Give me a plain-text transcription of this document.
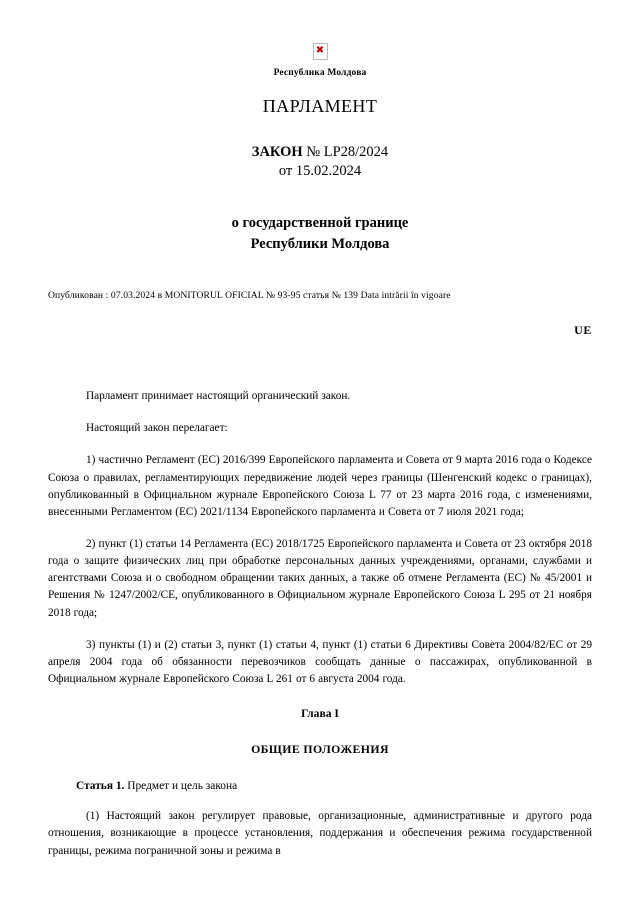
✖
Республика Молдова
ПАРЛАМЕНТ
ЗАКОН № LP28/2024
от 15.02.2024
о государственной границе
Республики Молдова
Опубликован : 07.03.2024 в MONITORUL OFICIAL № 93-95 статья № 139 Data intrării în vigoare
UE

Парламент принимает настоящий органический закон.

Настоящий закон перелагает:

1) частично Регламент (ЕС) 2016/399 Европейского парламента и Совета от 9 марта 2016 года о Кодексе Союза о правилах, регламентирующих передвижение людей через границы (Шенгенский кодекс о границах), опубликованный в Официальном журнале Европейского Союза L 77 от 23 марта 2016 года, с изменениями, внесенными Регламентом (ЕС) 2021/1134 Европейского парламента и Совета от 7 июля 2021 года;

2) пункт (1) статьи 14 Регламента (ЕС) 2018/1725 Европейского парламента и Совета от 23 октября 2018 года о защите физических лиц при обработке персональных данных учреждениями, органами, службами и агентствами Союза и о свободном обращении таких данных, а также об отмене Регламента (ЕС) № 45/2001 и Решения № 1247/2002/СЕ, опубликованного в Официальном журнале Европейского Союза L 295 от 21 ноября 2018 года;

3) пункты (1) и (2) статьи 3, пункт (1) статьи 4, пункт (1) статьи 6 Директивы Совета 2004/82/ЕС от 29 апреля 2004 года об обязанности перевозчиков сообщать данные о пассажирах, опубликованной в Официальном журнале Европейского Союза L 261 от 6 августа 2004 года.

Глава I
ОБЩИЕ ПОЛОЖЕНИЯ
Статья 1. Предмет и цель закона

(1) Настоящий закон регулирует правовые, организационные, административные и другого рода отношения, возникающие в процессе установления, поддержания и обеспечения режима государственной границы, режима пограничной зоны и режима в
